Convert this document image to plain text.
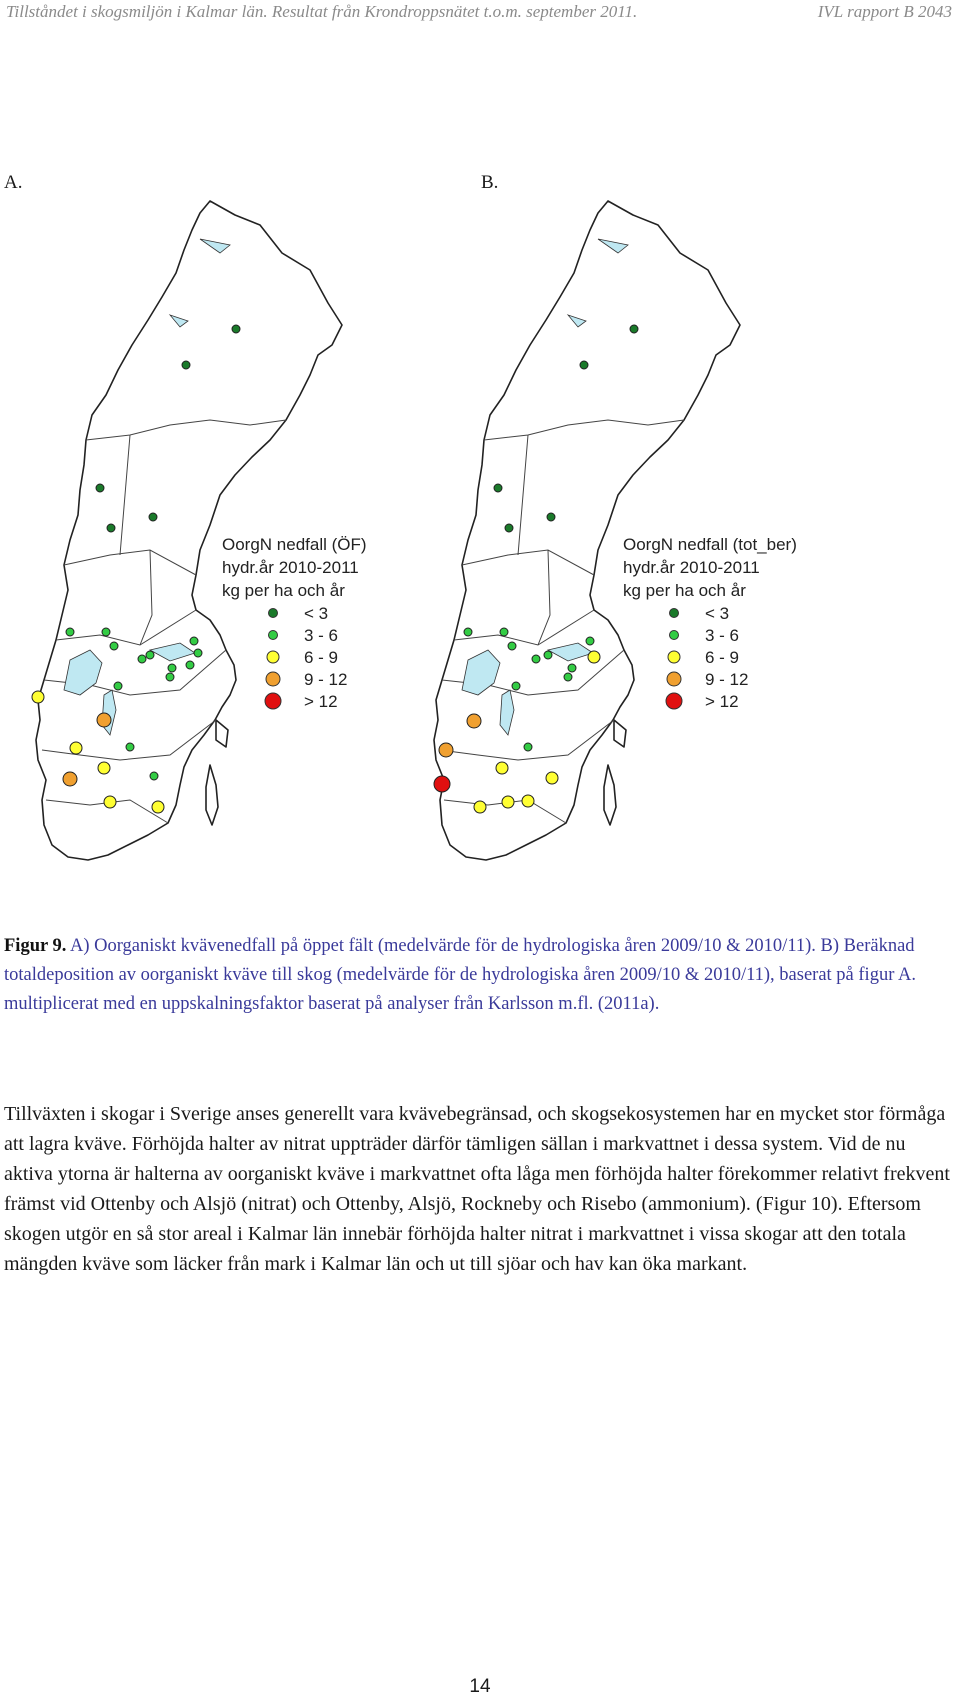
Tillståndet i skogsmiljön i Kalmar län. Resultat från Krondroppsnätet t.o.m. september 2011.	IVL rapport B 2043
A.	B.
OorgN nedfall (ÖF)
hydr.år 2010-2011
kg per ha och år
< 3
3 - 6
6 - 9
9 - 12
> 12
OorgN nedfall (tot_ber)
hydr.år 2010-2011
kg per ha och år
< 3
3 - 6
6 - 9
9 - 12
> 12
Figur 9. A) Oorganiskt kvävenedfall på öppet fält (medelvärde för de hydrologiska åren 2009/10 & 2010/11). B) Beräknad totaldeposition av oorganiskt kväve till skog (medelvärde för de hydrologiska åren 2009/10 & 2010/11), baserat på figur A. multiplicerat med en uppskalningsfaktor baserat på analyser från Karlsson m.fl. (2011a).
Tillväxten i skogar i Sverige anses generellt vara kvävebegränsad, och skogsekosystemen har en mycket stor förmåga att lagra kväve. Förhöjda halter av nitrat uppträder därför tämligen sällan i markvattnet i dessa system. Vid de nu aktiva ytorna är halterna av oorganiskt kväve i markvattnet ofta låga men förhöjda halter förekommer relativt frekvent främst vid Ottenby och Alsjö (nitrat) och Ottenby, Alsjö, Rockneby och Risebo (ammonium). (Figur 10). Eftersom skogen utgör en så stor areal i Kalmar län innebär förhöjda halter nitrat i markvattnet i vissa skogar att den totala mängden kväve som läcker från mark i Kalmar län och ut till sjöar och hav kan öka markant.
14
